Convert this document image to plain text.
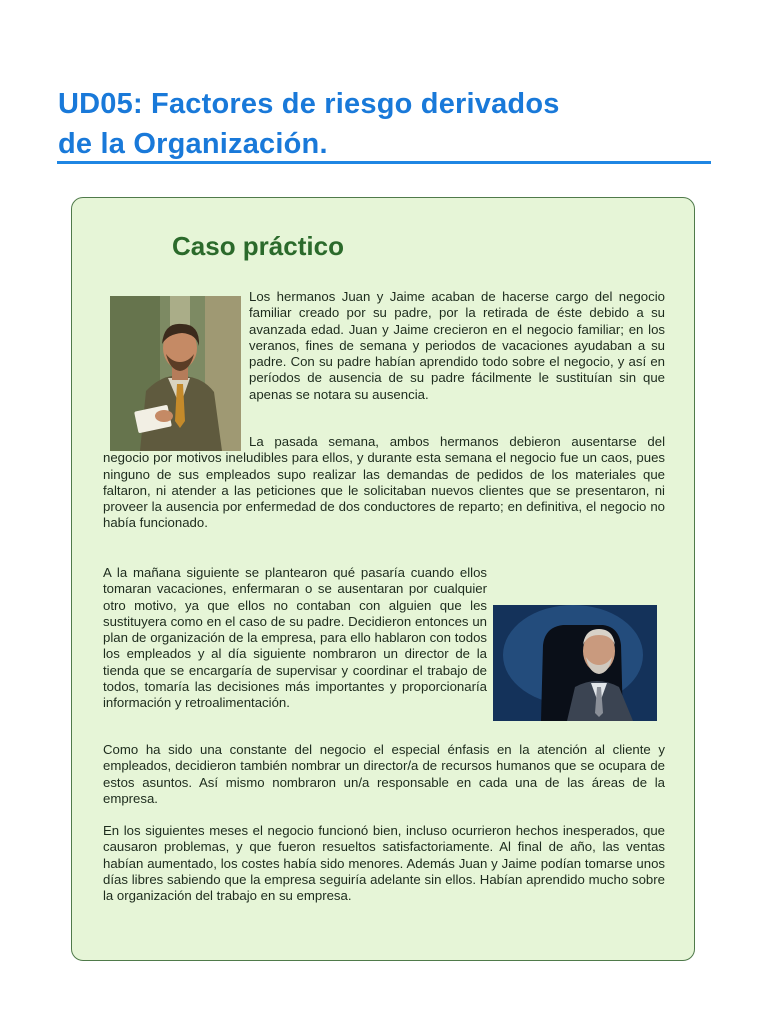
UD05: Factores de riesgo derivados
de la Organización.
Caso práctico

Los hermanos Juan y Jaime acaban de hacerse cargo del negocio familiar creado por su padre, por la retirada de éste debido a su avanzada edad. Juan y Jaime crecieron en el negocio familiar; en los veranos, fines de semana y periodos de vacaciones ayudaban a su padre. Con su padre habían aprendido todo sobre el negocio, y así en períodos de ausencia de su padre fácilmente le sustituían sin que apenas se notara su ausencia.

La pasada semana, ambos hermanos debieron ausentarse del negocio por motivos ineludibles para ellos, y durante esta semana el negocio fue un caos, pues ninguno de sus empleados supo realizar las demandas de pedidos de los materiales que faltaron, ni atender a las peticiones que le solicitaban nuevos clientes que se presentaron, ni proveer la ausencia por enfermedad de dos conductores de reparto; en definitiva, el negocio no había funcionado.

A la mañana siguiente se plantearon qué pasaría cuando ellos tomaran vacaciones, enfermaran o se ausentaran por cualquier otro motivo, ya que ellos no contaban con alguien que les sustituyera como en el caso de su padre. Decidieron entonces un plan de organización de la empresa, para ello hablaron con todos los empleados y al día siguiente nombraron un director de la tienda que se encargaría de supervisar y coordinar el trabajo de todos, tomaría las decisiones más importantes y proporcionaría información y retroalimentación.

Como ha sido una constante del negocio el especial énfasis en la atención al cliente y empleados, decidieron también nombrar un director/a de recursos humanos que se ocupara de estos asuntos. Así mismo nombraron un/a responsable en cada una de las áreas de la empresa.

En los siguientes meses el negocio funcionó bien, incluso ocurrieron hechos inesperados, que causaron problemas, y que fueron resueltos satisfactoriamente. Al final de año, las ventas habían aumentado, los costes había sido menores. Además Juan y Jaime podían tomarse unos días libres sabiendo que la empresa seguiría adelante sin ellos. Habían aprendido mucho sobre la organización del trabajo en su empresa.
